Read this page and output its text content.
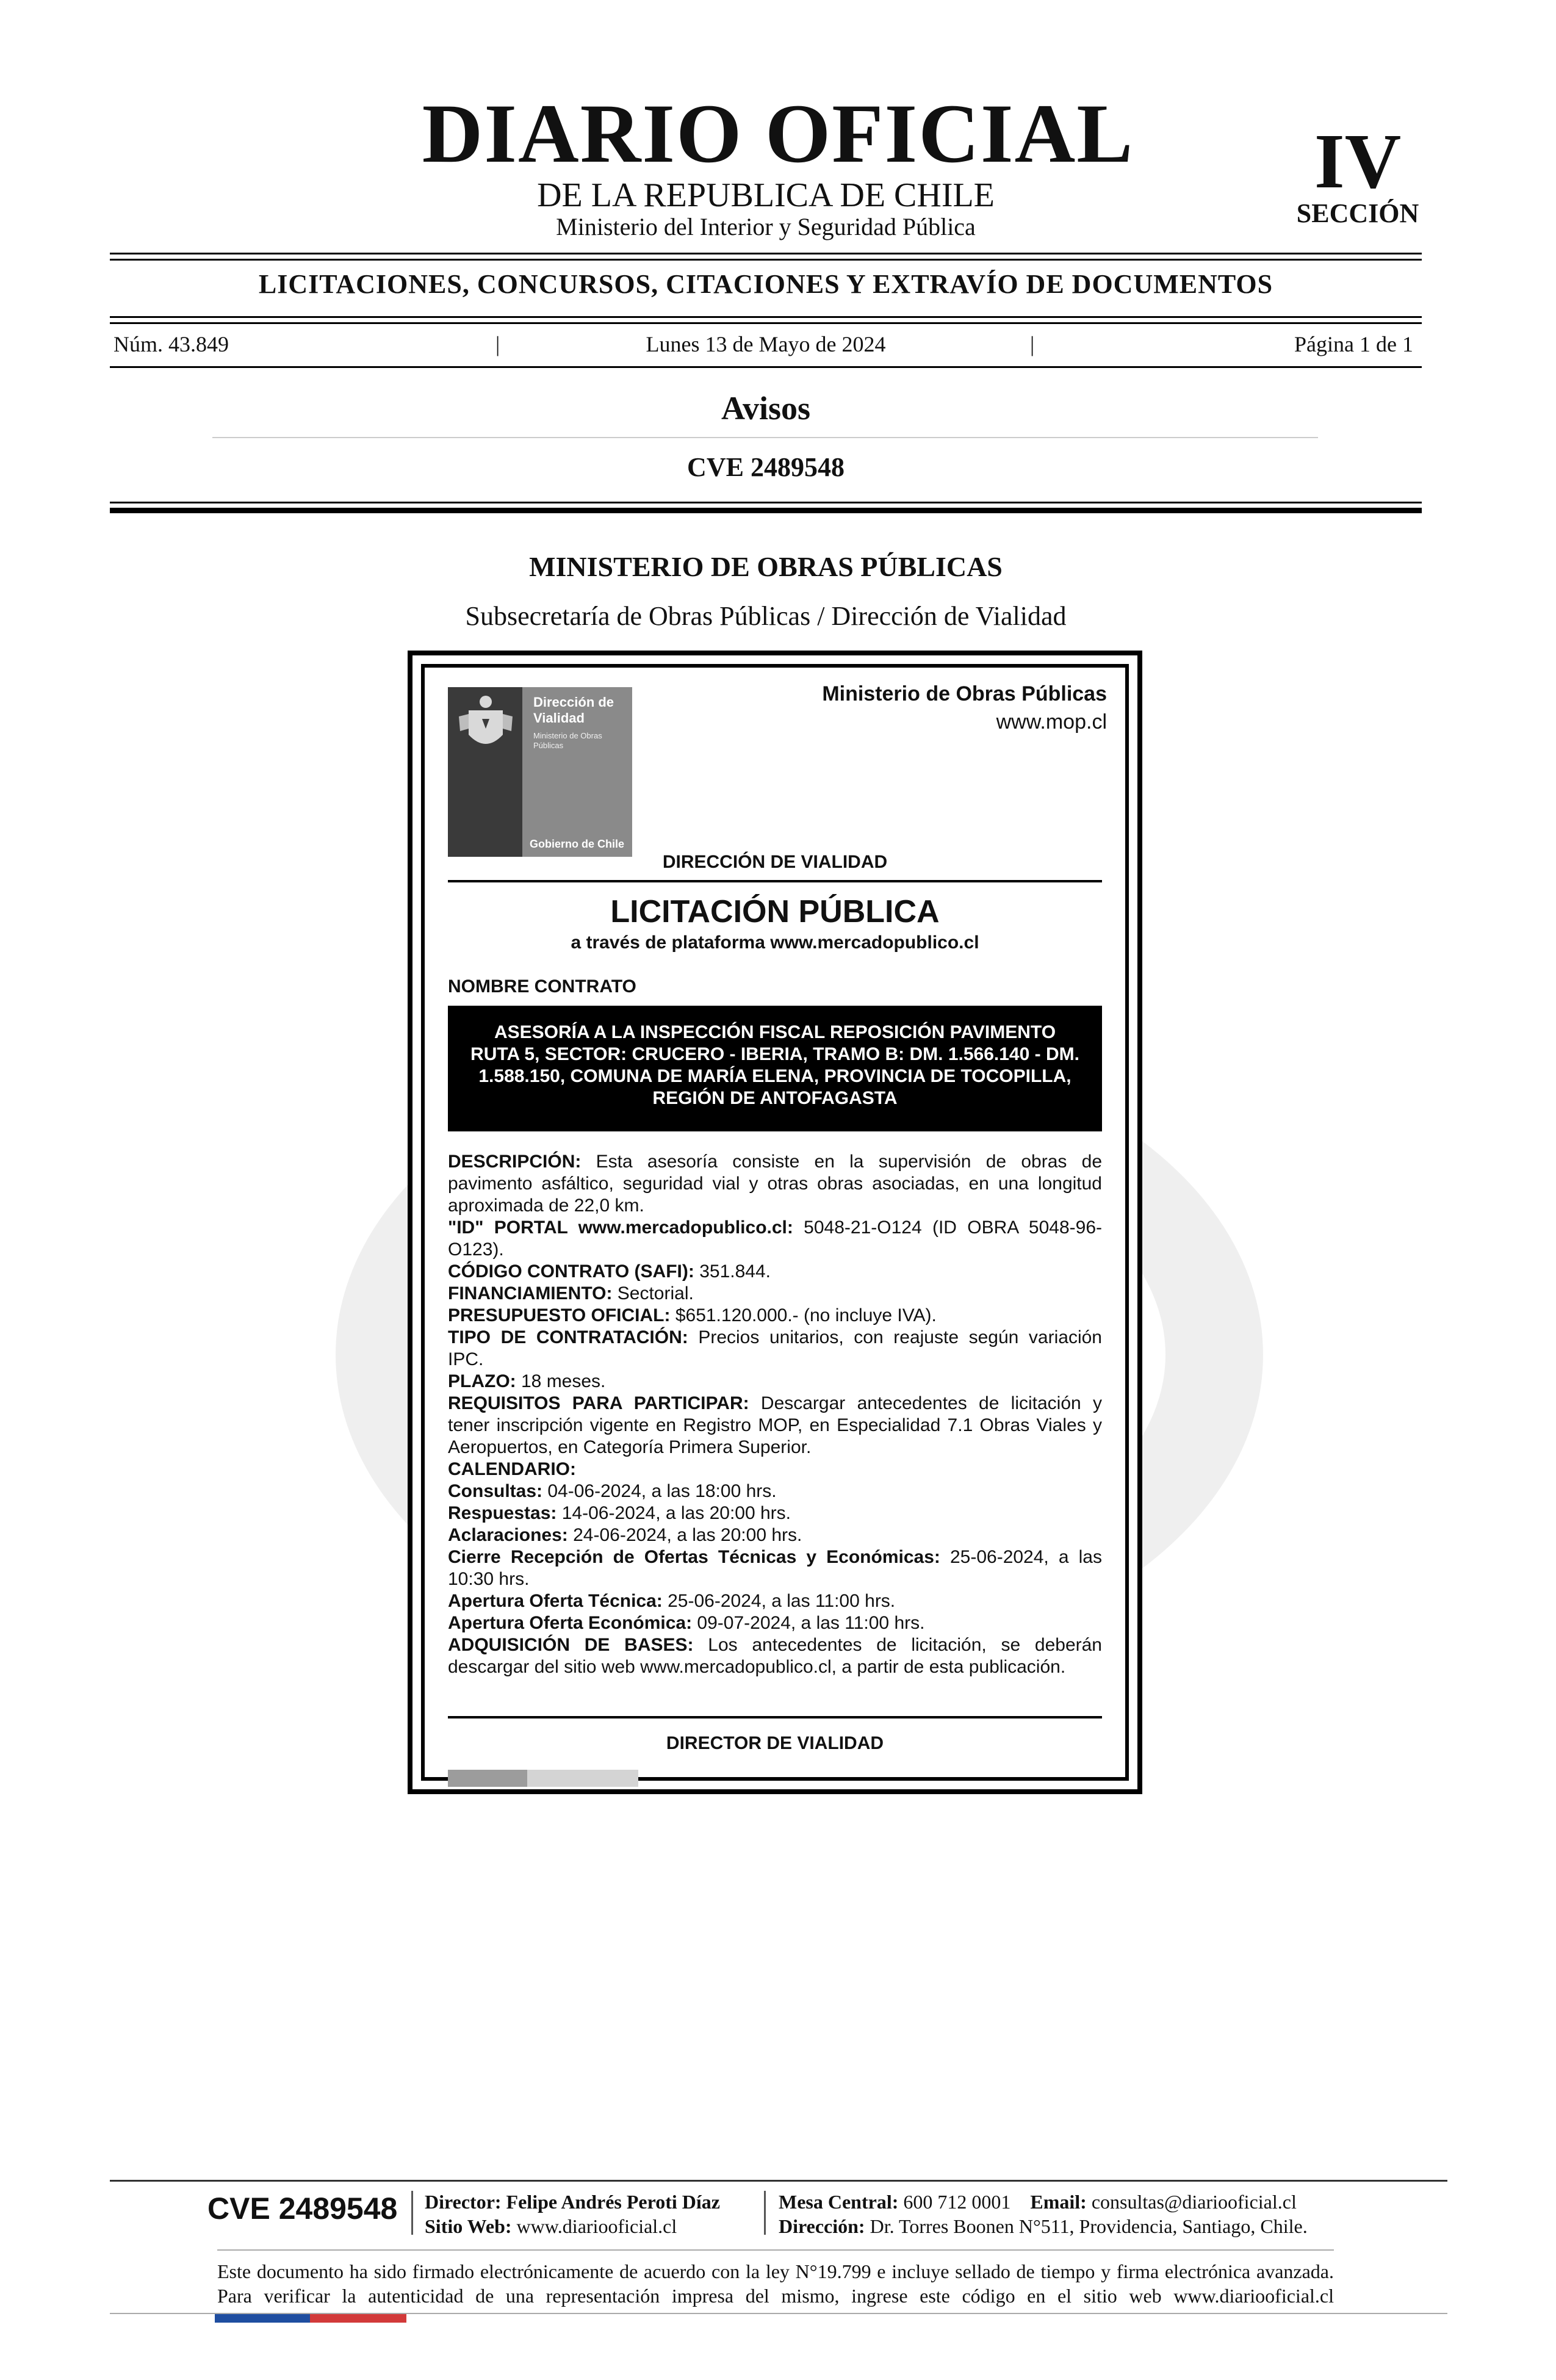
DIARIO OFICIAL
DE LA REPUBLICA DE CHILE
Ministerio del Interior y Seguridad Pública
IV
SECCIÓN
LICITACIONES, CONCURSOS, CITACIONES Y EXTRAVÍO DE DOCUMENTOS
Núm. 43.849	|	Lunes 13 de Mayo de 2024	|	Página 1 de 1
Avisos
CVE 2489548
MINISTERIO DE OBRAS PÚBLICAS
Subsecretaría de Obras Públicas / Dirección de Vialidad
Dirección de
Vialidad
Ministerio de Obras
Públicas
Gobierno de Chile
Ministerio de Obras Públicas
www.mop.cl
DIRECCIÓN DE VIALIDAD
LICITACIÓN PÚBLICA
a través de plataforma www.mercadopublico.cl
NOMBRE CONTRATO
ASESORÍA A LA INSPECCIÓN FISCAL REPOSICIÓN PAVIMENTO
RUTA 5, SECTOR: CRUCERO - IBERIA, TRAMO B: DM. 1.566.140 - DM.
1.588.150, COMUNA DE MARÍA ELENA, PROVINCIA DE TOCOPILLA,
REGIÓN DE ANTOFAGASTA

DESCRIPCIÓN: Esta asesoría consiste en la supervisión de obras de pavimento asfáltico, seguridad vial y otras obras asociadas, en una longitud aproximada de 22,0 km.

"ID" PORTAL www.mercadopublico.cl: 5048-21-O124 (ID OBRA 5048-96-O123).

CÓDIGO CONTRATO (SAFI): 351.844.

FINANCIAMIENTO: Sectorial.

PRESUPUESTO OFICIAL: $651.120.000.- (no incluye IVA).

TIPO DE CONTRATACIÓN: Precios unitarios, con reajuste según variación IPC.

PLAZO: 18 meses.

REQUISITOS PARA PARTICIPAR: Descargar antecedentes de licitación y tener inscripción vigente en Registro MOP, en Especialidad 7.1 Obras Viales y Aeropuertos, en Categoría Primera Superior.

CALENDARIO:

Consultas: 04-06-2024, a las 18:00 hrs.

Respuestas: 14-06-2024, a las 20:00 hrs.

Aclaraciones: 24-06-2024, a las 20:00 hrs.

Cierre Recepción de Ofertas Técnicas y Económicas: 25-06-2024, a las 10:30 hrs.

Apertura Oferta Técnica: 25-06-2024, a las 11:00 hrs.

Apertura Oferta Económica: 09-07-2024, a las 11:00 hrs.

ADQUISICIÓN DE BASES: Los antecedentes de licitación, se deberán descargar del sitio web www.mercadopublico.cl, a partir de esta publicación.

DIRECTOR DE VIALIDAD
CVE 2489548 Director: Felipe Andrés Peroti Díaz
Sitio Web: www.diariooficial.cl
Mesa Central: 600 712 0001 Email: consultas@diariooficial.cl
Dirección: Dr. Torres Boonen N°511, Providencia, Santiago, Chile.
Este documento ha sido firmado electrónicamente de acuerdo con la ley N°19.799 e incluye sellado de tiempo y firma electrónica avanzada. Para verificar la autenticidad de una representación impresa del mismo, ingrese este código en el sitio web www.diariooficial.cl
